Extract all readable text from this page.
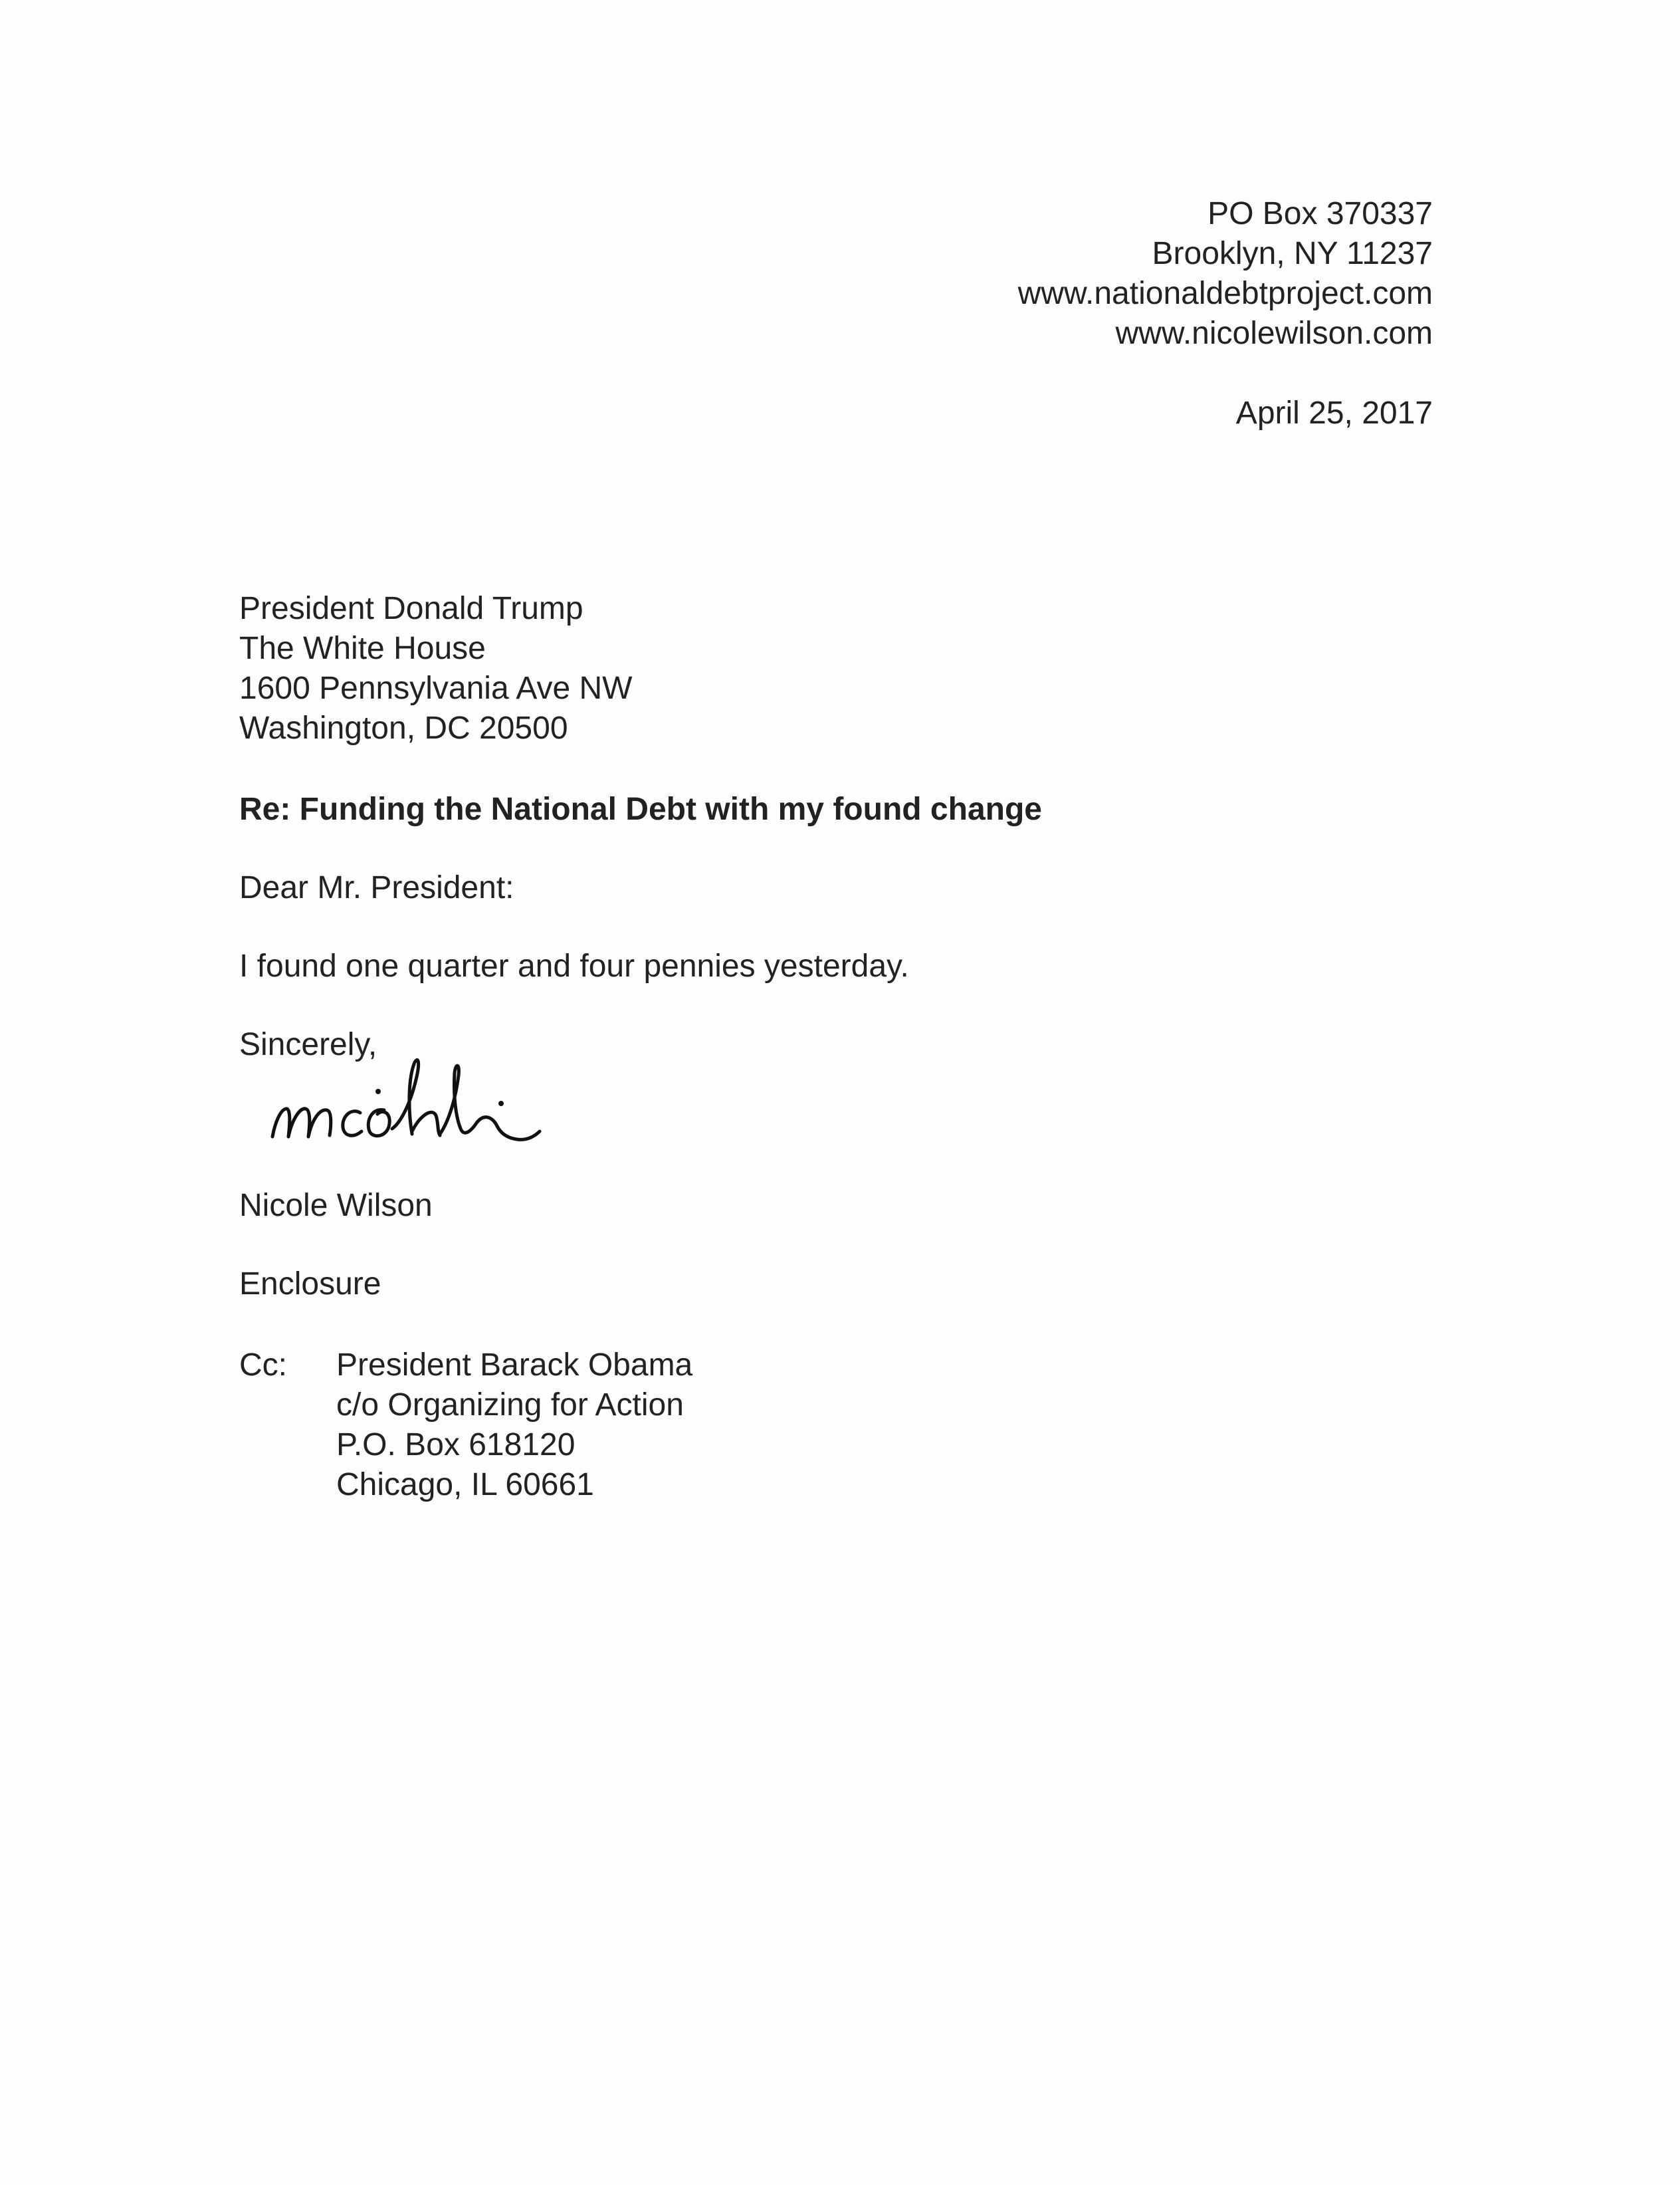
PO Box 370337
Brooklyn, NY 11237
www.nationaldebtproject.com
www.nicolewilson.com
April 25, 2017
President Donald Trump
The White House
1600 Pennsylvania Ave NW
Washington, DC 20500
Re: Funding the National Debt with my found change
Dear Mr. President:
I found one quarter and four pennies yesterday.
Sincerely,
Nicole Wilson
Enclosure
Cc: President Barack Obama
c/o Organizing for Action
P.O. Box 618120
Chicago, IL 60661
